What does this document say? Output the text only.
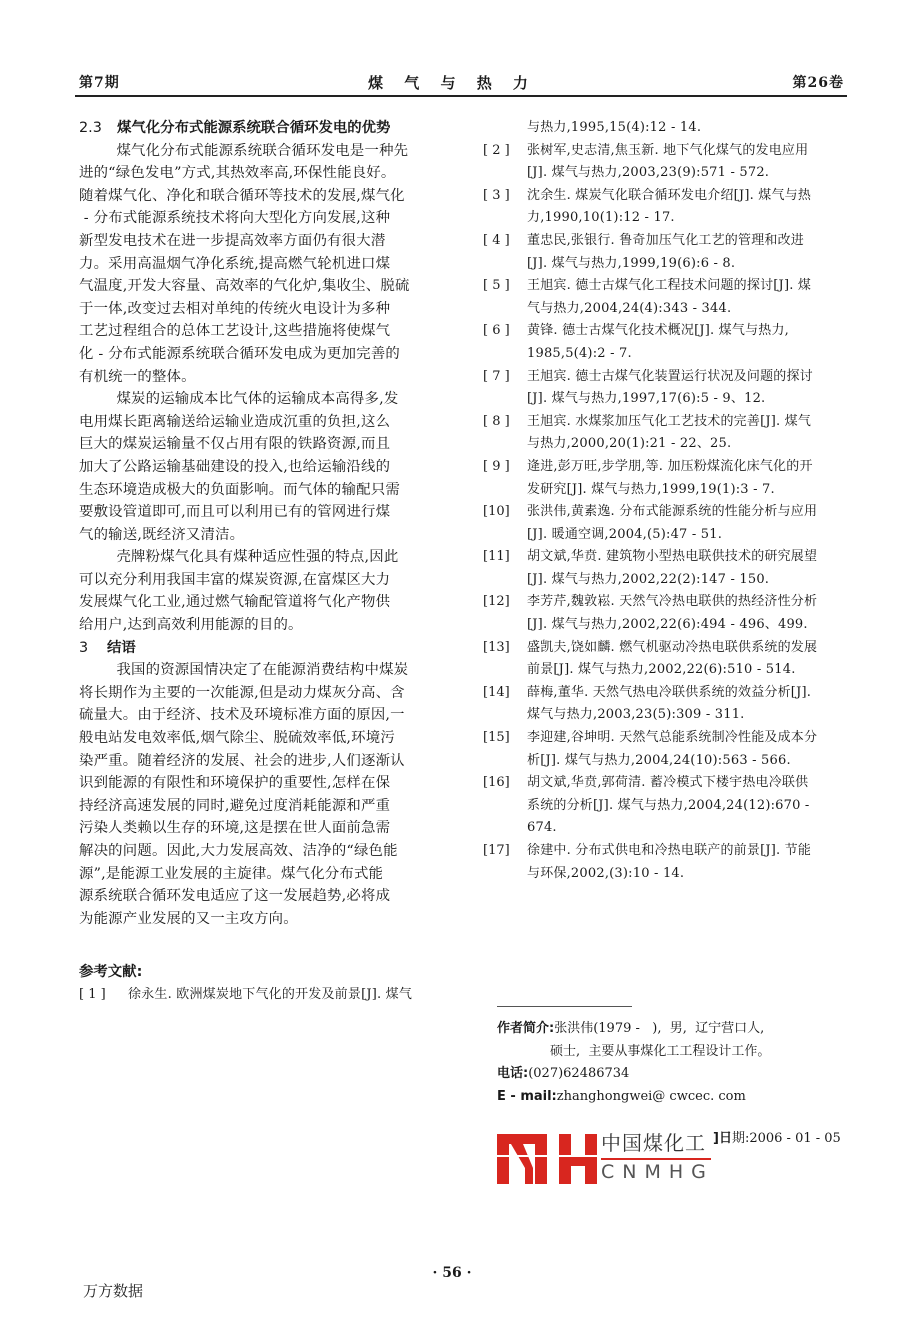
第7期	煤 气 与 热 力	第26卷
2.3 煤气化分布式能源系统联合循环发电的优势
煤气化分布式能源系统联合循环发电是一种先
进的“绿色发电”方式,其热效率高,环保性能良好。
随着煤气化、净化和联合循环等技术的发展,煤气化
- 分布式能源系统技术将向大型化方向发展,这种
新型发电技术在进一步提高效率方面仍有很大潜
力。采用高温烟气净化系统,提高燃气轮机进口煤
气温度,开发大容量、高效率的气化炉,集收尘、脱硫
于一体,改变过去相对单纯的传统火电设计为多种
工艺过程组合的总体工艺设计,这些措施将使煤气
化 - 分布式能源系统联合循环发电成为更加完善的
有机统一的整体。
煤炭的运输成本比气体的运输成本高得多,发
电用煤长距离输送给运输业造成沉重的负担,这么
巨大的煤炭运输量不仅占用有限的铁路资源,而且
加大了公路运输基础建设的投入,也给运输沿线的
生态环境造成极大的负面影响。而气体的输配只需
要敷设管道即可,而且可以利用已有的管网进行煤
气的输送,既经济又清洁。
壳牌粉煤气化具有煤种适应性强的特点,因此
可以充分利用我国丰富的煤炭资源,在富煤区大力
发展煤气化工业,通过燃气输配管道将气化产物供
给用户,达到高效利用能源的目的。
3 结语
我国的资源国情决定了在能源消费结构中煤炭
将长期作为主要的一次能源,但是动力煤灰分高、含
硫量大。由于经济、技术及环境标准方面的原因,一
般电站发电效率低,烟气除尘、脱硫效率低,环境污
染严重。随着经济的发展、社会的进步,人们逐渐认
识到能源的有限性和环境保护的重要性,怎样在保
持经济高速发展的同时,避免过度消耗能源和严重
污染人类赖以生存的环境,这是摆在世人面前急需
解决的问题。因此,大力发展高效、洁净的“绿色能
源”,是能源工业发展的主旋律。煤气化分布式能
源系统联合循环发电适应了这一发展趋势,必将成
为能源产业发展的又一主攻方向。
参考文献:
[ 1 ] 徐永生. 欧洲煤炭地下气化的开发及前景[J]. 煤气
与热力,1995,15(4):12 - 14.
[ 2 ] 张树军,史志清,焦玉新. 地下气化煤气的发电应用
[J]. 煤气与热力,2003,23(9):571 - 572.
[ 3 ] 沈余生. 煤炭气化联合循环发电介绍[J]. 煤气与热
力,1990,10(1):12 - 17.
[ 4 ] 董忠民,张银行. 鲁奇加压气化工艺的管理和改进
[J]. 煤气与热力,1999,19(6):6 - 8.
[ 5 ] 王旭宾. 德士古煤气化工程技术问题的探讨[J]. 煤
气与热力,2004,24(4):343 - 344.
[ 6 ] 黄锋. 德士古煤气化技术概况[J]. 煤气与热力,
1985,5(4):2 - 7.
[ 7 ] 王旭宾. 德士古煤气化装置运行状况及问题的探讨
[J]. 煤气与热力,1997,17(6):5 - 9、12.
[ 8 ] 王旭宾. 水煤浆加压气化工艺技术的完善[J]. 煤气
与热力,2000,20(1):21 - 22、25.
[ 9 ] 逄进,彭万旺,步学朋,等. 加压粉煤流化床气化的开
发研究[J]. 煤气与热力,1999,19(1):3 - 7.
[10] 张洪伟,黄素逸. 分布式能源系统的性能分析与应用
[J]. 暖通空调,2004,(5):47 - 51.
[11] 胡文斌,华贲. 建筑物小型热电联供技术的研究展望
[J]. 煤气与热力,2002,22(2):147 - 150.
[12] 李芳芹,魏敦崧. 天然气冷热电联供的热经济性分析
[J]. 煤气与热力,2002,22(6):494 - 496、499.
[13] 盛凯夫,饶如麟. 燃气机驱动冷热电联供系统的发展
前景[J]. 煤气与热力,2002,22(6):510 - 514.
[14] 薛梅,董华. 天然气热电冷联供系统的效益分析[J].
煤气与热力,2003,23(5):309 - 311.
[15] 李迎建,谷坤明. 天然气总能系统制冷性能及成本分
析[J]. 煤气与热力,2004,24(10):563 - 566.
[16] 胡文斌,华贲,郭荷清. 蓄冷模式下楼宇热电冷联供
系统的分析[J]. 煤气与热力,2004,24(12):670 -
674.
[17] 徐建中. 分布式供电和冷热电联产的前景[J]. 节能
与环保,2002,(3):10 - 14.
作者简介:张洪伟(1979 -   ),  男,  辽宁营口人,
硕士,  主要从事煤化工工程设计工作。
电话:(027)62486734
E - mail:zhanghongwei@ cwcec. com
中国煤化工
CNMHG
]日期:2006 - 01 - 05
· 56 ·
万方数据
